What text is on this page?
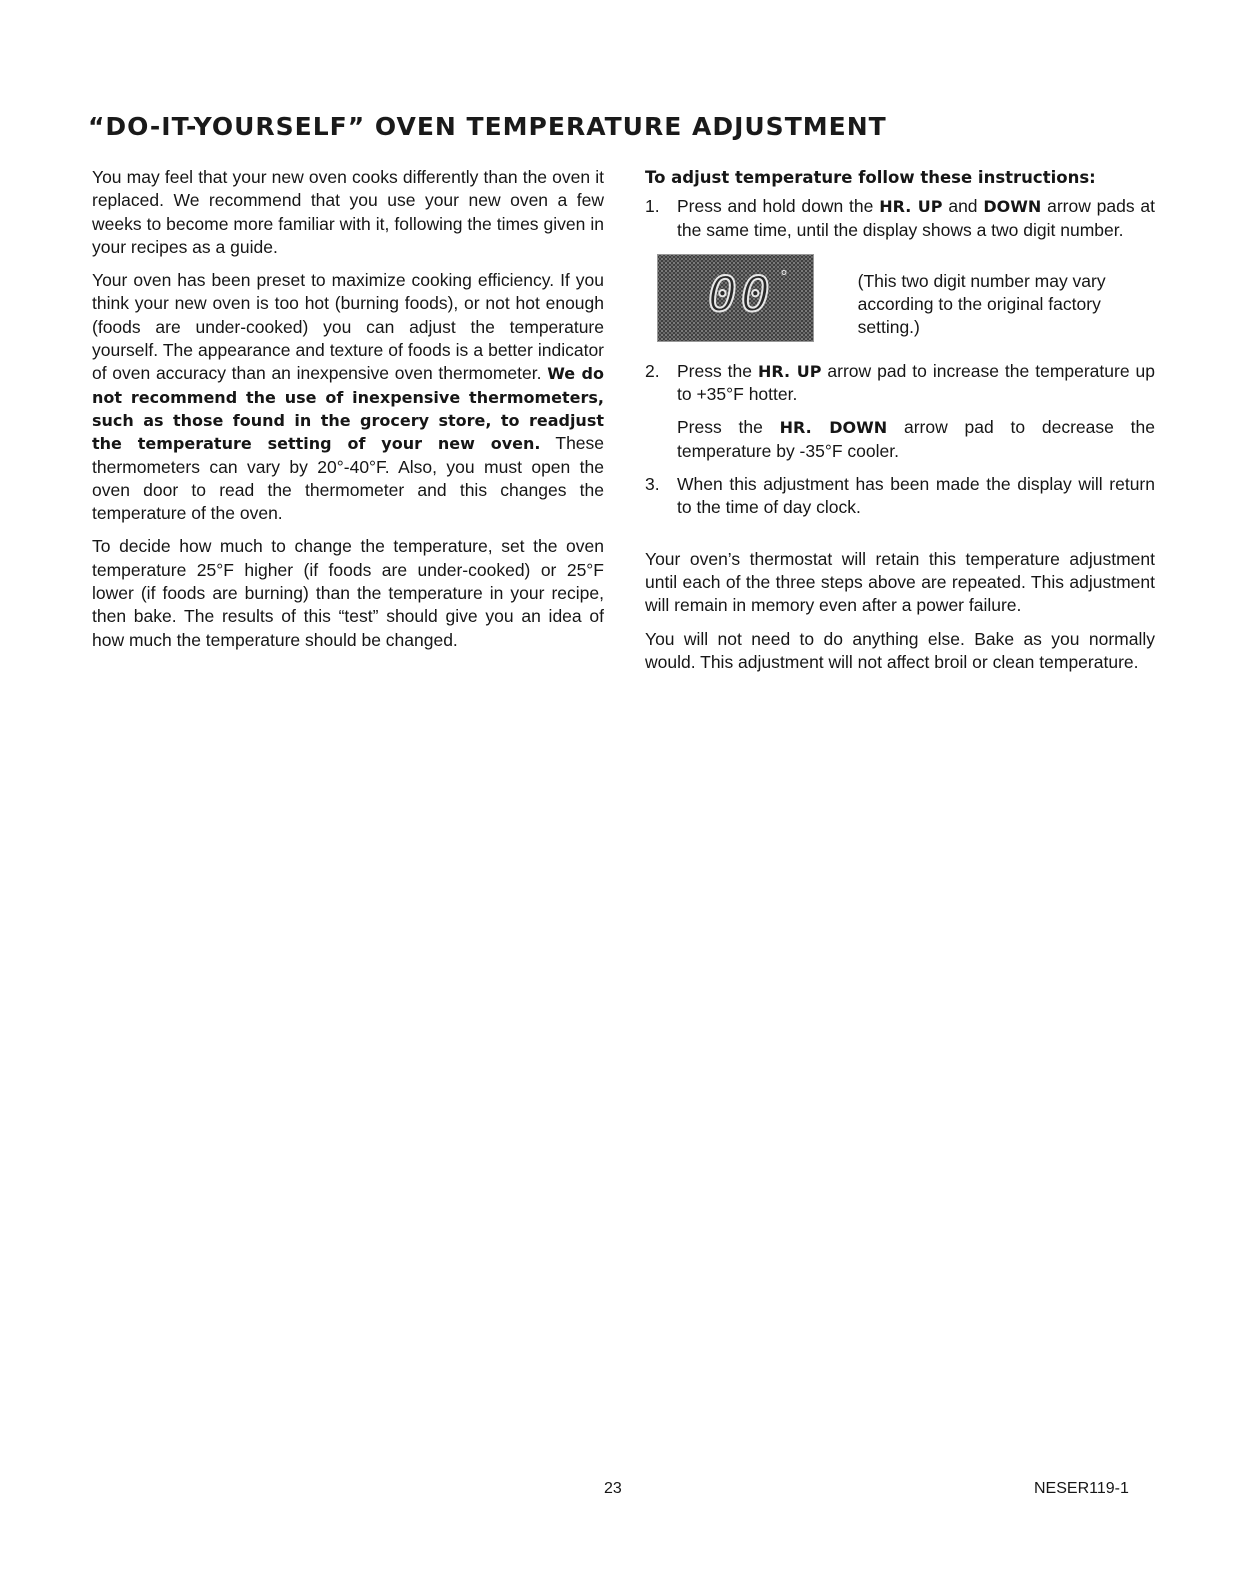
“DO-IT-YOURSELF” OVEN TEMPERATURE ADJUSTMENT

You may feel that your new oven cooks differently than the oven it replaced. We recommend that you use your new oven a few weeks to become more familiar with it, following the times given in your recipes as a guide.

Your oven has been preset to maximize cooking efficiency. If you think your new oven is too hot (burning foods), or not hot enough (foods are under-cooked) you can adjust the temperature yourself. The appearance and texture of foods is a better indicator of oven accuracy than an inexpensive oven thermometer. We do not recommend the use of inexpensive thermometers, such as those found in the grocery store, to readjust the temperature setting of your new oven. These thermometers can vary by 20°-40°F. Also, you must open the oven door to read the thermometer and this changes the temperature of the oven.

To decide how much to change the temperature, set the oven temperature 25°F higher (if foods are under-cooked) or 25°F lower (if foods are burning) than the temperature in your recipe, then bake. The results of this “test” should give you an idea of how much the temperature should be changed.

To adjust temperature follow these instructions:
1. Press and hold down the HR. UP and DOWN arrow pads at the same time, until the display shows a two digit number.

00 °	(This two digit number may vary according to the original factory setting.)
2. Press the HR. UP arrow pad to increase the temperature up to +35°F hotter.

Press the HR. DOWN arrow pad to decrease the temperature by -35°F cooler.

3. When this adjustment has been made the display will return to the time of day clock.

Your oven’s thermostat will retain this temperature adjustment until each of the three steps above are repeated. This adjustment will remain in memory even after a power failure.

You will not need to do anything else. Bake as you normally would. This adjustment will not affect broil or clean temperature.

23	NESER119-1
